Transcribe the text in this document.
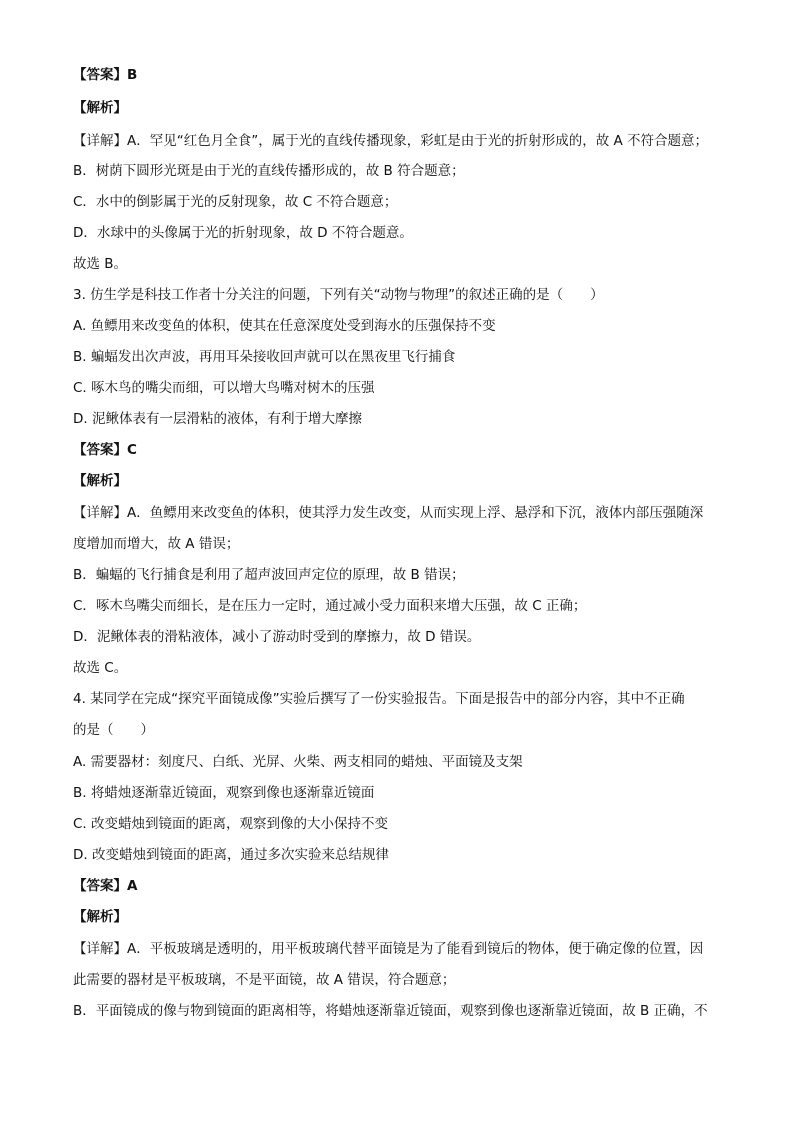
【答案】B
【解析】
【详解】A．罕见“红色月全食”，属于光的直线传播现象，彩虹是由于光的折射形成的，故 A 不符合题意；
B．树荫下圆形光斑是由于光的直线传播形成的，故 B 符合题意；
C．水中的倒影属于光的反射现象，故 C 不符合题意；
D．水球中的头像属于光的折射现象，故 D 不符合题意。
故选 B。
3. 仿生学是科技工作者十分关注的问题，下列有关“动物与物理”的叙述正确的是（　　）
A. 鱼鳔用来改变鱼的体积，使其在任意深度处受到海水的压强保持不变
B. 蝙蝠发出次声波，再用耳朵接收回声就可以在黑夜里飞行捕食
C. 啄木鸟的嘴尖而细，可以增大鸟嘴对树木的压强
D. 泥鳅体表有一层滑粘的液体，有利于增大摩擦
【答案】C
【解析】
【详解】A．鱼鳔用来改变鱼的体积，使其浮力发生改变，从而实现上浮、悬浮和下沉，液体内部压强随深
度增加而增大，故 A 错误；
B．蝙蝠的飞行捕食是利用了超声波回声定位的原理，故 B 错误；
C．啄木鸟嘴尖而细长，是在压力一定时，通过减小受力面积来增大压强，故 C 正确；
D．泥鳅体表的滑粘液体，减小了游动时受到的摩擦力，故 D 错误。
故选 C。
4. 某同学在完成“探究平面镜成像”实验后撰写了一份实验报告。下面是报告中的部分内容，其中不正确
的是（　　）
A. 需要器材：刻度尺、白纸、光屏、火柴、两支相同的蜡烛、平面镜及支架
B. 将蜡烛逐渐靠近镜面，观察到像也逐渐靠近镜面
C. 改变蜡烛到镜面的距离，观察到像的大小保持不变
D. 改变蜡烛到镜面的距离，通过多次实验来总结规律
【答案】A
【解析】
【详解】A．平板玻璃是透明的，用平板玻璃代替平面镜是为了能看到镜后的物体，便于确定像的位置，因
此需要的器材是平板玻璃，不是平面镜，故 A 错误，符合题意；
B．平面镜成的像与物到镜面的距离相等，将蜡烛逐渐靠近镜面，观察到像也逐渐靠近镜面，故 B 正确，不
